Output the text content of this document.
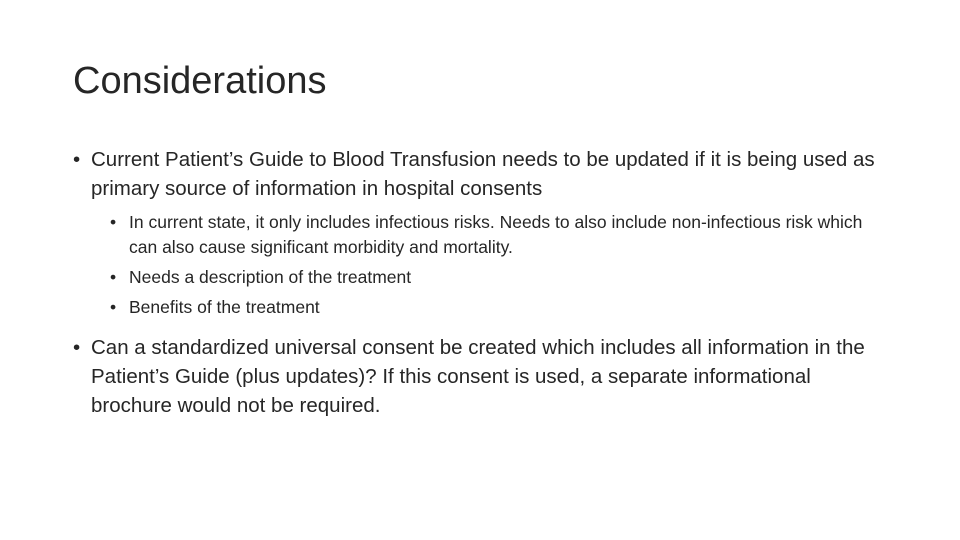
Considerations

• Current Patient’s Guide to Blood Transfusion needs to be updated if it is being used as primary source of information in hospital consents

• In current state, it only includes infectious risks. Needs to also include non-infectious risk which can also cause significant morbidity and mortality.

• Needs a description of the treatment

• Benefits of the treatment

• Can a standardized universal consent be created which includes all information in the Patient’s Guide (plus updates)? If this consent is used, a separate informational brochure would not be required.
